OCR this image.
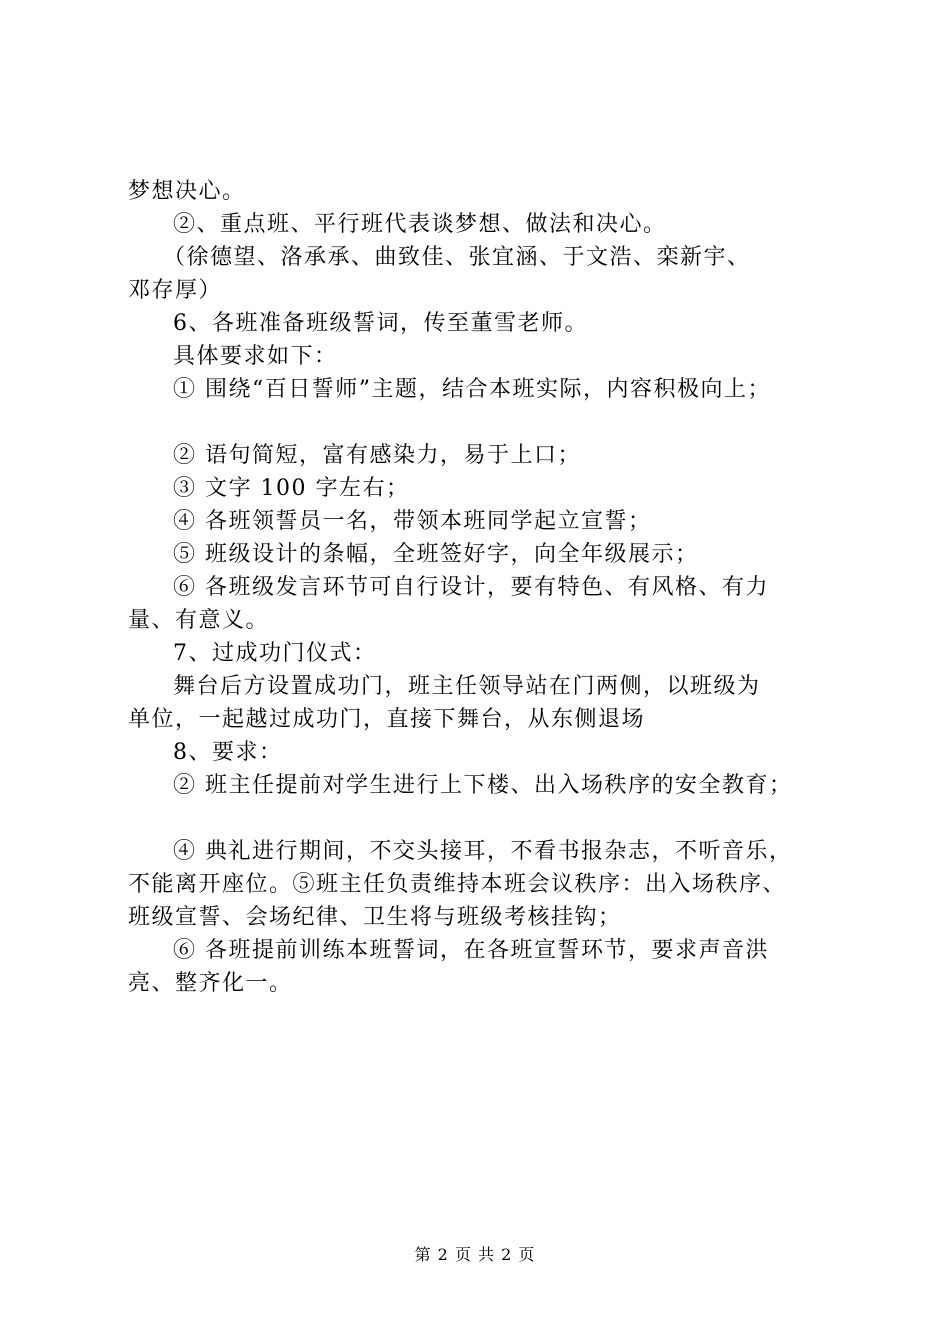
梦想决心。
②、重点班、平行班代表谈梦想、做法和决心。
（徐德望、洛承承、曲致佳、张宜涵、于文浩、栾新宇、
邓存厚）
6、各班准备班级誓词，传至董雪老师。
具体要求如下：
① 围绕“百日誓师”主题，结合本班实际，内容积极向上；
② 语句简短，富有感染力，易于上口；
③ 文字 100 字左右；
④ 各班领誓员一名，带领本班同学起立宣誓；
⑤ 班级设计的条幅，全班签好字，向全年级展示；
⑥ 各班级发言环节可自行设计，要有特色、有风格、有力
量、有意义。
7、过成功门仪式：
舞台后方设置成功门，班主任领导站在门两侧，以班级为
单位，一起越过成功门，直接下舞台，从东侧退场
8、要求：
② 班主任提前对学生进行上下楼、出入场秩序的安全教育；
④ 典礼进行期间，不交头接耳，不看书报杂志，不听音乐，
不能离开座位。⑤班主任负责维持本班会议秩序：出入场秩序、
班级宣誓、会场纪律、卫生将与班级考核挂钩；
⑥ 各班提前训练本班誓词，在各班宣誓环节，要求声音洪
亮、整齐化一。
第 2 页 共 2 页
